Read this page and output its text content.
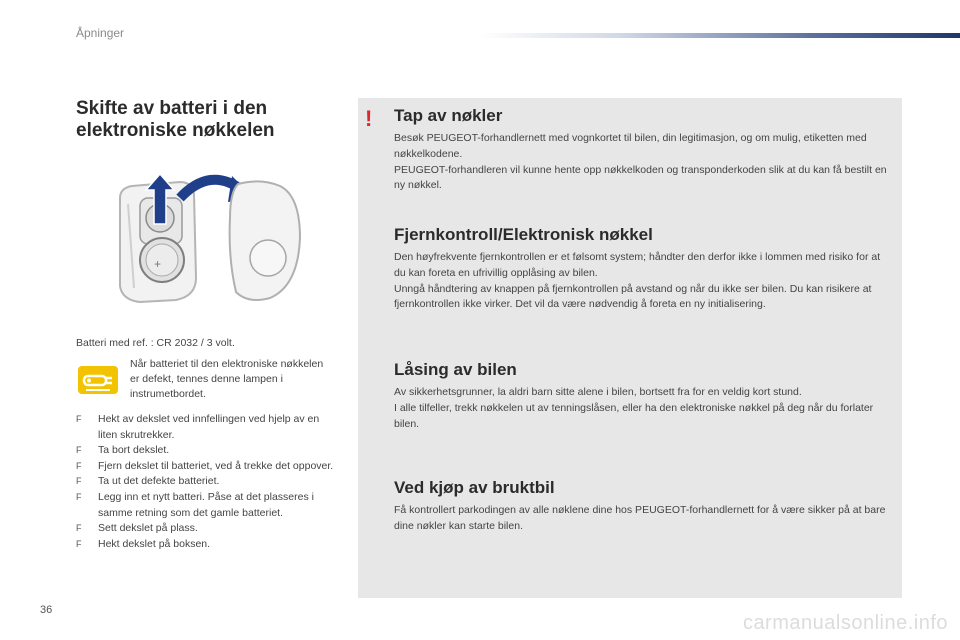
Åpninger
Skifte av batteri i den elektroniske nøkkelen
+
Batteri med ref. : CR 2032 / 3 volt.
Når batteriet til den elektroniske nøkkelen er defekt, tennes denne lampen i instrumetbordet.
F Hekt av dekslet ved innfellingen ved hjelp av en liten skrutrekker.
F Ta bort dekslet.
F Fjern dekslet til batteriet, ved å trekke det oppover.
F Ta ut det defekte batteriet.
F Legg inn et nytt batteri. Påse at det plasseres i samme retning som det gamle batteriet.
F Sett dekslet på plass.
F Hekt dekslet på boksen.
! Tap av nøkler

Besøk PEUGEOT-forhandlernett med vognkortet til bilen, din legitimasjon, og om mulig, etiketten med nøkkelkodene.

PEUGEOT-forhandleren vil kunne hente opp nøkkelkoden og transponderkoden slik at du kan få bestilt en ny nøkkel.

Fjernkontroll/Elektronisk nøkkel

Den høyfrekvente fjernkontrollen er et følsomt system; håndter den derfor ikke i lommen med risiko for at du kan foreta en ufrivillig opplåsing av bilen.

Unngå håndtering av knappen på fjernkontrollen på avstand og når du ikke ser bilen. Du kan risikere at fjernkontrollen ikke virker. Det vil da være nødvendig å foreta en ny initialisering.

Låsing av bilen

Av sikkerhetsgrunner, la aldri barn sitte alene i bilen, bortsett fra for en veldig kort stund.

I alle tilfeller, trekk nøkkelen ut av tenningslåsen, eller ha den elektroniske nøkkel på deg når du forlater bilen.

Ved kjøp av bruktbil

Få kontrollert parkodingen av alle nøklene dine hos PEUGEOT-forhandlernett for å være sikker på at bare dine nøkler kan starte bilen.

36
carmanualsonline.info
